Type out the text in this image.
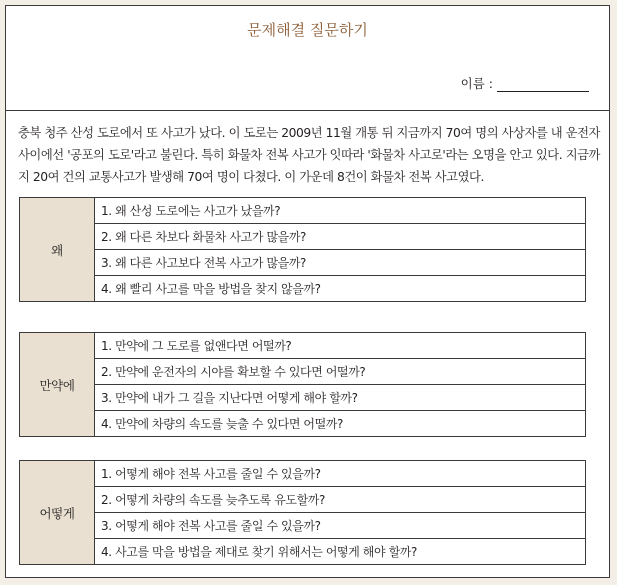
문제해결 질문하기
이름 :
충북 청주 산성 도로에서 또 사고가 났다. 이 도로는 2009년 11월 개통 뒤 지금까지 70여 명의 사상자를 내 운전자 사이에선 '공포의 도로'라고 불린다. 특히 화물차 전복 사고가 잇따라 '화물차 사고로'라는 오명을 안고 있다. 지금까지 20여 건의 교통사고가 발생해 70여 명이 다쳤다. 이 가운데 8건이 화물차 전복 사고였다.
왜	1. 왜 산성 도로에는 사고가 났을까?
2. 왜 다른 차보다 화물차 사고가 많을까?
3. 왜 다른 사고보다 전복 사고가 많을까?
4. 왜 빨리 사고를 막을 방법을 찾지 않을까?
만약에	1. 만약에 그 도로를 없앤다면 어떨까?
2. 만약에 운전자의 시야를 확보할 수 있다면 어떨까?
3. 만약에 내가 그 길을 지난다면 어떻게 해야 할까?
4. 만약에 차량의 속도를 늦출 수 있다면 어떨까?
어떻게	1. 어떻게 해야 전복 사고를 줄일 수 있을까?
2. 어떻게 차량의 속도를 늦추도록 유도할까?
3. 어떻게 해야 전복 사고를 줄일 수 있을까?
4. 사고를 막을 방법을 제대로 찾기 위해서는 어떻게 해야 할까?
